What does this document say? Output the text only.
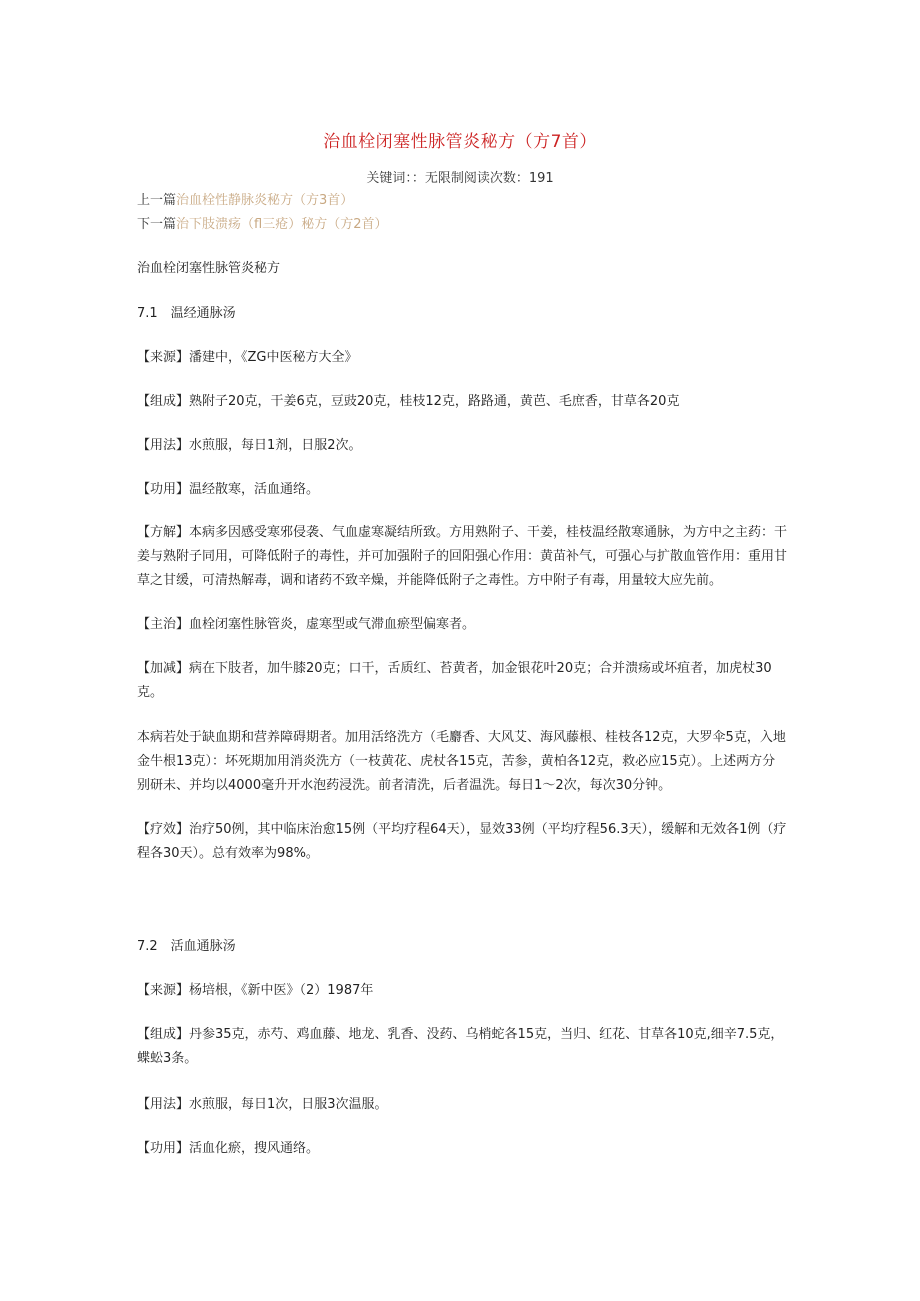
治血栓闭塞性脉管炎秘方（方7首）
关键词：：无限制阅读次数：191
上一篇治血栓性静脉炎秘方（方3首）
下一篇治下肢溃疡（fl三疮）秘方（方2首）

治血栓闭塞性脉管炎秘方

7.1　温经通脉汤

【来源】潘建中，《ZG中医秘方大全》

【组成】熟附子20克，干姜6克，豆豉20克，桂枝12克，路路通，黄芭、毛庶香，甘草各20克

【用法】水煎服，每日1剂，日服2次。

【功用】温经散寒，活血通络。

【方解】本病多因感受寒邪侵袭、气血虚寒凝结所致。方用熟附子、干姜，桂枝温经散寒通脉，为方中之主药：干姜与熟附子同用，可降低附子的毒性，并可加强附子的回阳强心作用：黄苗补气，可强心与扩散血管作用：重用甘草之甘缓，可清热解毒，调和诸药不致辛燥，并能降低附子之毒性。方中附子有毒，用量较大应先前。

【主治】血栓闭塞性脉管炎，虚寒型或气滞血瘀型偏寒者。

【加减】病在下肢者，加牛膝20克；口干，舌质红、苔黄者，加金银花叶20克；合并溃疡或坏疽者，加虎杖30克。

本病若处于缺血期和营养障碍期者。加用活络洗方（毛麝香、大风艾、海风藤根、桂枝各12克，大罗伞5克，入地金牛根13克）：坏死期加用消炎洗方（一枝黄花、虎杖各15克，苦参，黄柏各12克，救必应15克）。上述两方分别研未、并均以4000毫升开水泡药浸洗。前者清洗，后者温洗。每日1～2次，每次30分钟。

【疗效】治疗50例，其中临床治愈15例（平均疗程64天），显效33例（平均疗程56.3天），缓解和无效各1例（疗程各30天）。总有效率为98%。

7.2　活血通脉汤

【来源】杨培根，《新中医》（2）1987年

【组成】丹参35克，赤芍、鸡血藤、地龙、乳香、没药、乌梢蛇各15克，当归、红花、甘草各10克,细辛7.5克，蝶蚣3条。

【用法】水煎服，每日1次，日服3次温服。

【功用】活血化瘀，搜风通络。
